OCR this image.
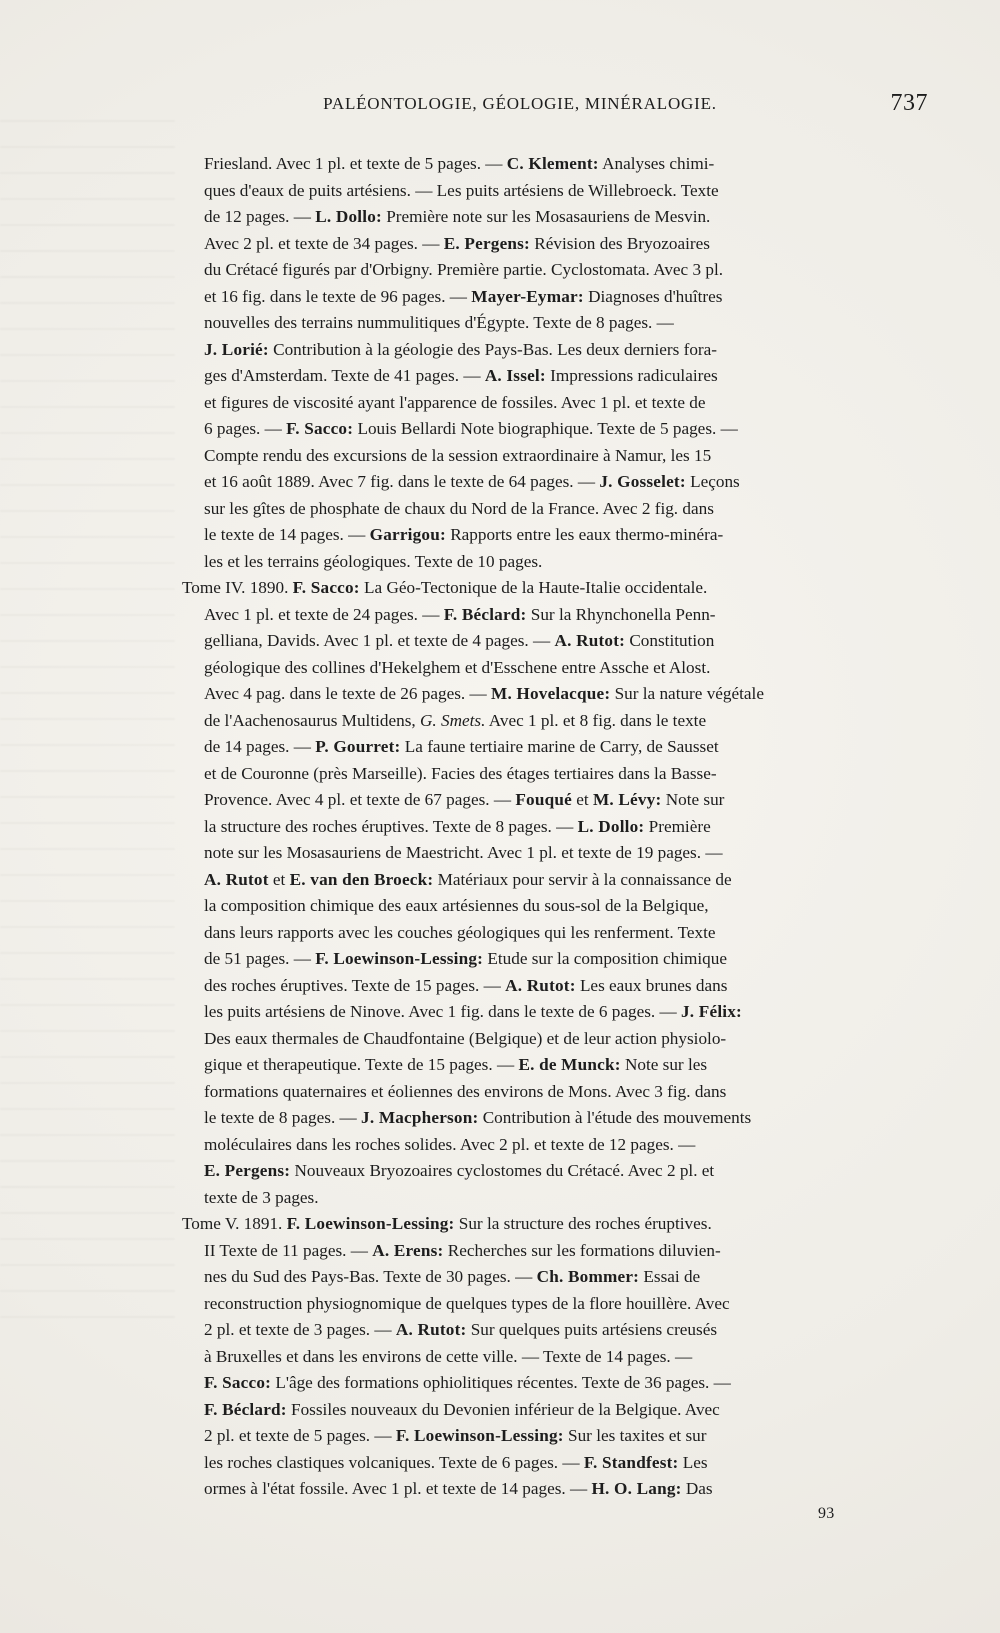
PALÉONTOLOGIE, GÉOLOGIE, MINÉRALOGIE.	737

Friesland. Avec 1 pl. et texte de 5 pages. — C. Klement: Analyses chimi-

ques d'eaux de puits artésiens. — Les puits artésiens de Willebroeck. Texte

de 12 pages. — L. Dollo: Première note sur les Mosasauriens de Mesvin.

Avec 2 pl. et texte de 34 pages. — E. Pergens: Révision des Bryozoaires

du Crétacé figurés par d'Orbigny. Première partie. Cyclostomata. Avec 3 pl.

et 16 fig. dans le texte de 96 pages. — Mayer-Eymar: Diagnoses d'huîtres

nouvelles des terrains nummulitiques d'Égypte. Texte de 8 pages. —

J. Lorié: Contribution à la géologie des Pays-Bas. Les deux derniers fora-

ges d'Amsterdam. Texte de 41 pages. — A. Issel: Impressions radiculaires

et figures de viscosité ayant l'apparence de fossiles. Avec 1 pl. et texte de

6 pages. — F. Sacco: Louis Bellardi Note biographique. Texte de 5 pages. —

Compte rendu des excursions de la session extraordinaire à Namur, les 15

et 16 août 1889. Avec 7 fig. dans le texte de 64 pages. — J. Gosselet: Leçons

sur les gîtes de phosphate de chaux du Nord de la France. Avec 2 fig. dans

le texte de 14 pages. — Garrigou: Rapports entre les eaux thermo-minéra-

les et les terrains géologiques. Texte de 10 pages.

Tome IV. 1890. F. Sacco: La Géo-Tectonique de la Haute-Italie occidentale.

Avec 1 pl. et texte de 24 pages. — F. Béclard: Sur la Rhynchonella Penn-

gelliana, Davids. Avec 1 pl. et texte de 4 pages. — A. Rutot: Constitution

géologique des collines d'Hekelghem et d'Esschene entre Assche et Alost.

Avec 4 pag. dans le texte de 26 pages. — M. Hovelacque: Sur la nature végétale

de l'Aachenosaurus Multidens, G. Smets. Avec 1 pl. et 8 fig. dans le texte

de 14 pages. — P. Gourret: La faune tertiaire marine de Carry, de Sausset

et de Couronne (près Marseille). Facies des étages tertiaires dans la Basse-

Provence. Avec 4 pl. et texte de 67 pages. — Fouqué et M. Lévy: Note sur

la structure des roches éruptives. Texte de 8 pages. — L. Dollo: Première

note sur les Mosasauriens de Maestricht. Avec 1 pl. et texte de 19 pages. —

A. Rutot et E. van den Broeck: Matériaux pour servir à la connaissance de

la composition chimique des eaux artésiennes du sous-sol de la Belgique,

dans leurs rapports avec les couches géologiques qui les renferment. Texte

de 51 pages. — F. Loewinson-Lessing: Etude sur la composition chimique

des roches éruptives. Texte de 15 pages. — A. Rutot: Les eaux brunes dans

les puits artésiens de Ninove. Avec 1 fig. dans le texte de 6 pages. — J. Félix:

Des eaux thermales de Chaudfontaine (Belgique) et de leur action physiolo-

gique et therapeutique. Texte de 15 pages. — E. de Munck: Note sur les

formations quaternaires et éoliennes des environs de Mons. Avec 3 fig. dans

le texte de 8 pages. — J. Macpherson: Contribution à l'étude des mouvements

moléculaires dans les roches solides. Avec 2 pl. et texte de 12 pages. —

E. Pergens: Nouveaux Bryozoaires cyclostomes du Crétacé. Avec 2 pl. et

texte de 3 pages.

Tome V. 1891. F. Loewinson-Lessing: Sur la structure des roches éruptives.

II Texte de 11 pages. — A. Erens: Recherches sur les formations diluvien-

nes du Sud des Pays-Bas. Texte de 30 pages. — Ch. Bommer: Essai de

reconstruction physiognomique de quelques types de la flore houillère. Avec

2 pl. et texte de 3 pages. — A. Rutot: Sur quelques puits artésiens creusés

à Bruxelles et dans les environs de cette ville. — Texte de 14 pages. —

F. Sacco: L'âge des formations ophiolitiques récentes. Texte de 36 pages. —

F. Béclard: Fossiles nouveaux du Devonien inférieur de la Belgique. Avec

2 pl. et texte de 5 pages. — F. Loewinson-Lessing: Sur les taxites et sur

les roches clastiques volcaniques. Texte de 6 pages. — F. Standfest: Les

ormes à l'état fossile. Avec 1 pl. et texte de 14 pages. — H. O. Lang: Das

93
